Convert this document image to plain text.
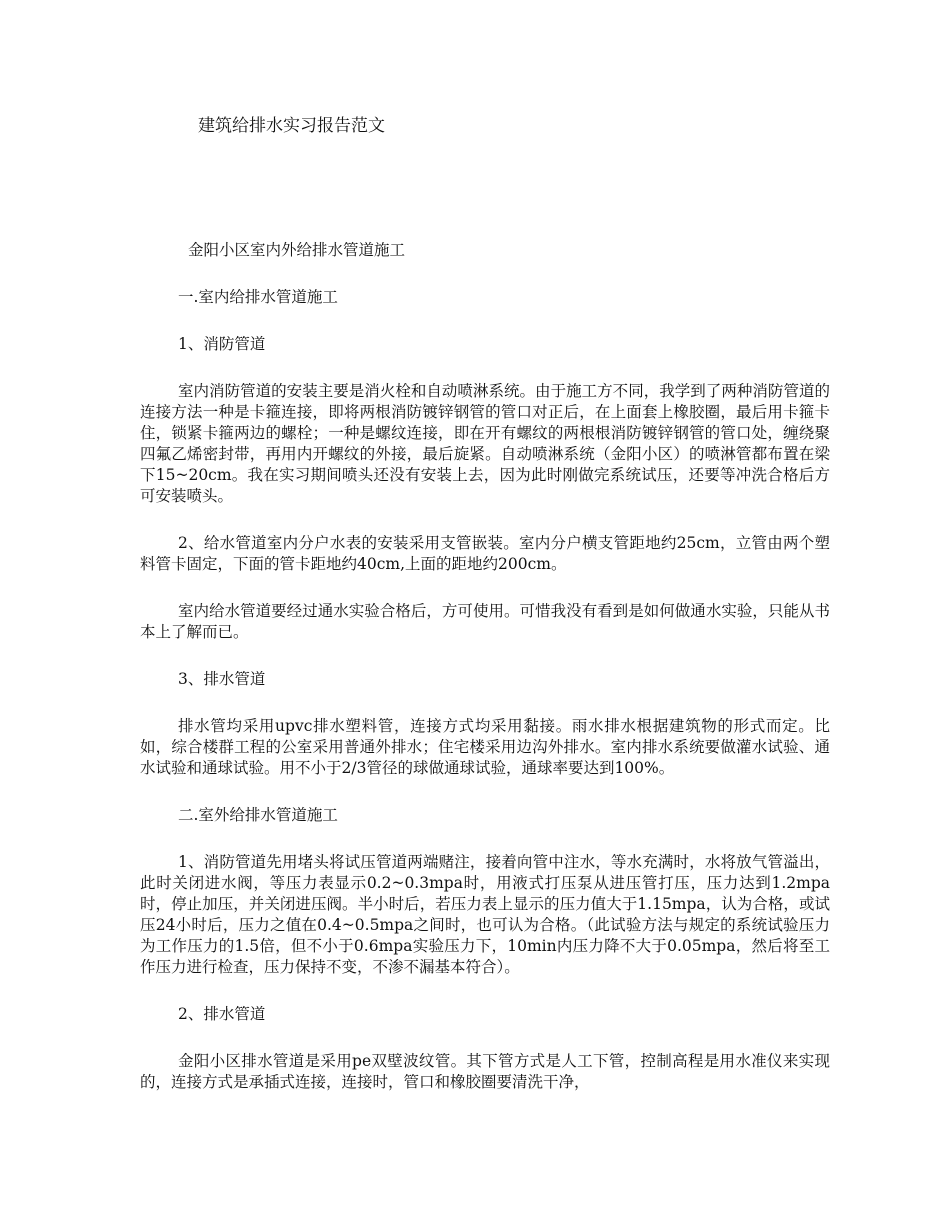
建筑给排水实习报告范文

金阳小区室内外给排水管道施工

一.室内给排水管道施工

1、消防管道

室内消防管道的安装主要是消火栓和自动喷淋系统。由于施工方不同，我学到了两种消防管道的连接方法一种是卡箍连接，即将两根消防镀锌钢管的管口对正后，在上面套上橡胶圈，最后用卡箍卡住，锁紧卡箍两边的螺栓；一种是螺纹连接，即在开有螺纹的两根根消防镀锌钢管的管口处，缠绕聚四氟乙烯密封带，再用内开螺纹的外接，最后旋紧。自动喷淋系统（金阳小区）的喷淋管都布置在梁下15~20cm。我在实习期间喷头还没有安装上去，因为此时刚做完系统试压，还要等冲洗合格后方可安装喷头。

2、给水管道室内分户水表的安装采用支管嵌装。室内分户横支管距地约25cm，立管由两个塑料管卡固定，下面的管卡距地约40cm,上面的距地约200cm。

室内给水管道要经过通水实验合格后，方可使用。可惜我没有看到是如何做通水实验，只能从书本上了解而已。

3、排水管道

排水管均采用upvc排水塑料管，连接方式均采用黏接。雨水排水根据建筑物的形式而定。比如，综合楼群工程的公室采用普通外排水；住宅楼采用边沟外排水。室内排水系统要做灌水试验、通水试验和通球试验。用不小于2/3管径的球做通球试验，通球率要达到100%。

二.室外给排水管道施工

1、消防管道先用堵头将试压管道两端赌注，接着向管中注水，等水充满时，水将放气管溢出，此时关闭进水阀，等压力表显示0.2~0.3mpa时，用液式打压泵从进压管打压，压力达到1.2mpa时，停止加压，并关闭进压阀。半小时后，若压力表上显示的压力值大于1.15mpa，认为合格，或试压24小时后，压力之值在0.4~0.5mpa之间时，也可认为合格。（此试验方法与规定的系统试验压力为工作压力的1.5倍，但不小于0.6mpa实验压力下，10min内压力降不大于0.05mpa，然后将至工作压力进行检查，压力保持不变，不渗不漏基本符合）。

2、排水管道

金阳小区排水管道是采用pe双壁波纹管。其下管方式是人工下管，控制高程是用水准仪来实现的，连接方式是承插式连接，连接时，管口和橡胶圈要清洗干净，
